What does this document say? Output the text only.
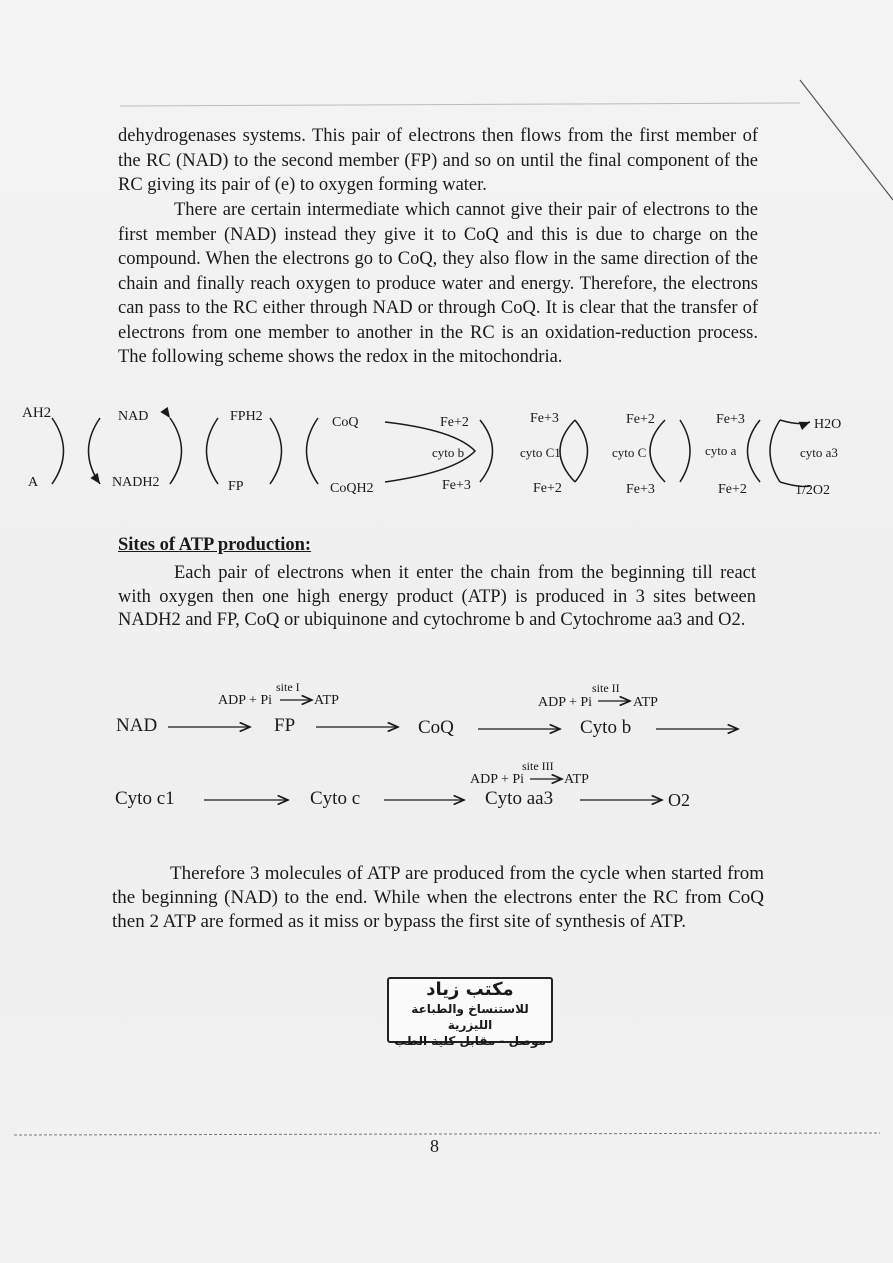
dehydrogenases systems. This pair of electrons then flows from the first member of the RC (NAD) to the second member (FP) and so on until the final component of the RC giving its pair of (e) to oxygen forming water.

There are certain intermediate which cannot give their pair of electrons to the first member (NAD) instead they give it to CoQ and this is due to charge on the compound. When the electrons go to CoQ, they also flow in the same direction of the chain and finally reach oxygen to produce water and energy. Therefore, the electrons can pass to the RC either through NAD or through CoQ. It is clear that the transfer of electrons from one member to another in the RC is an oxidation-reduction process. The following scheme shows the redox in the mitochondria.

AH2	NAD	FPH2	CoQ	Fe+2	Fe+3	Fe+2	Fe+3	H2O
cyto b	cyto C1	cyto C	cyto a	cyto a3
A	NADH2	FP	CoQH2	Fe+3	Fe+2	Fe+3	Fe+2	1/2O2

Sites of ATP production:

Each pair of electrons when it enter the chain from the beginning till react with oxygen then one high energy product (ATP) is produced in 3 sites between NADH2 and FP, CoQ or ubiquinone and cytochrome b and Cytochrome aa3 and O2.

NAD	FP	CoQ	Cyto b
Cyto c1	Cyto c	Cyto aa3	O2
site I
ADP + Pi	ATP
site II
ADP + Pi	ATP
site III
ADP + Pi	ATP

Therefore 3 molecules of ATP are produced from the cycle when started from the beginning (NAD) to the end. While when the electrons enter the RC from CoQ then 2 ATP are formed as it miss or bypass the first site of synthesis of ATP.

مكتب زياد
للاستنساخ والطباعة الليزرية
موصل - مقابل كلية الطب
8
